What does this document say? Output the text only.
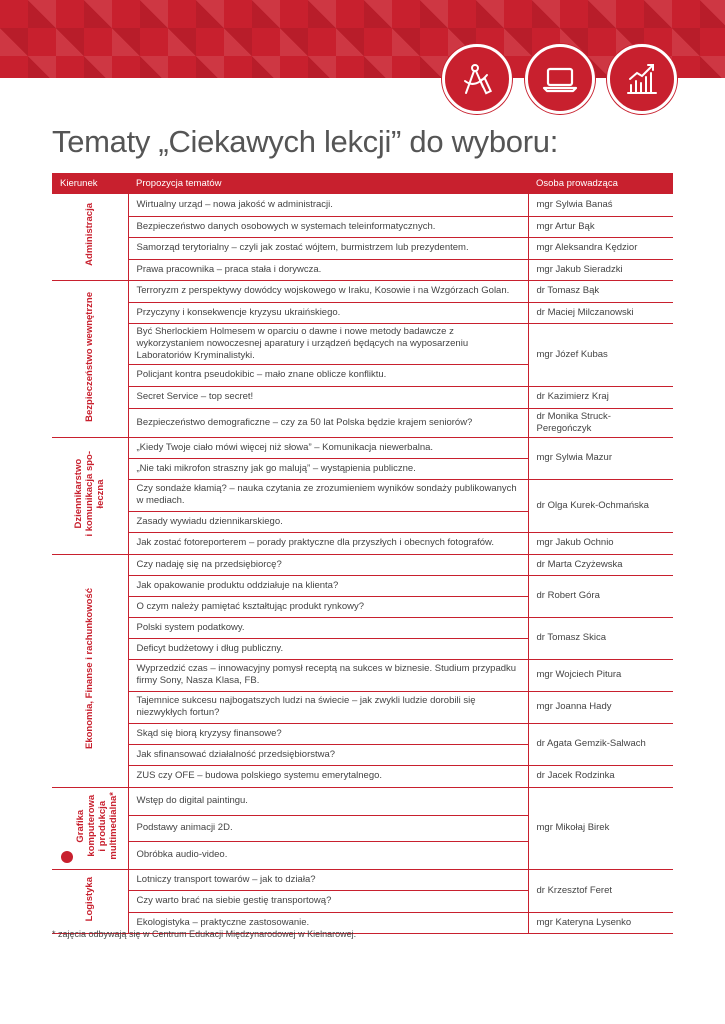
Tematy „Ciekawych lekcji” do wyboru:
Kierunek	Propozycja tematów	Osoba prowadząca
Administracja	Wirtualny urząd – nowa jakość w administracji.	mgr Sylwia Banaś
	Bezpieczeństwo danych osobowych w systemach teleinformatycznych.	mgr Artur Bąk
	Samorząd terytorialny – czyli jak zostać wójtem, burmistrzem lub prezydentem.	mgr Aleksandra Kędzior
	Prawa pracownika – praca stała i dorywcza.	mgr Jakub Sieradzki
Bezpieczeństwo wewnętrzne	Terroryzm z perspektywy dowódcy wojskowego w Iraku, Kosowie i na Wzgórzach Golan.	dr Tomasz Bąk
	Przyczyny i konsekwencje kryzysu ukraińskiego.	dr Maciej Milczanowski
	Być Sherlockiem Holmesem w oparciu o dawne i nowe metody badawcze z wykorzystaniem nowoczesnej aparatury i urządzeń będących na wyposarzeniu Laboratoriów Kryminalistyki.	mgr Józef Kubas
	Policjant kontra pseudokibic – mało znane oblicze konfliktu.	
	Secret Service – top secret!	dr Kazimierz Kraj
	Bezpieczeństwo demograficzne – czy za 50 lat Polska będzie krajem seniorów?	dr Monika Struck- Peregończyk
Dziennikarstwo
i komunikacja spo-
łeczna	„Kiedy Twoje ciało mówi więcej niż słowa” – Komunikacja niewerbalna.	mgr Sylwia Mazur
	„Nie taki mikrofon straszny jak go malują” – wystąpienia publiczne.	
	Czy sondaże kłamią? – nauka czytania ze zrozumieniem wyników sondaży publikowanych w mediach.	dr Olga Kurek-Ochmańska
	Zasady wywiadu dziennikarskiego.	
	Jak zostać fotoreporterem – porady praktyczne dla przyszłych i obecnych fotografów.	mgr Jakub Ochnio
Ekonomia, Finanse i rachunkowość	Czy nadaję się na przedsiębiorcę?	dr Marta Czyżewska
	Jak opakowanie produktu oddziałuje na klienta?	dr Robert Góra
	O czym należy pamiętać kształtując produkt rynkowy?	
	Polski system podatkowy.	dr Tomasz Skica
	Deficyt budżetowy i dług publiczny.	
	Wyprzedzić czas – innowacyjny pomysł receptą na sukces w biznesie. Studium przypadku firmy Sony, Nasza Klasa, FB.	mgr Wojciech Pitura
	Tajemnice sukcesu najbogatszych ludzi na świecie – jak zwykli ludzie dorobili się niezwykłych fortun?	mgr Joanna Hady
	Skąd się biorą kryzysy finansowe?	dr Agata Gemzik-Salwach
	Jak sfinansować działalność przedsiębiorstwa?	
	ZUS czy OFE – budowa polskiego systemu emerytalnego.	dr Jacek Rodzinka
Grafika
komputerowa
i produkcja
multimedialna*	Wstęp do digital paintingu.	mgr Mikołaj Birek
	Podstawy animacji 2D.	
	Obróbka audio-video.	
Logistyka	Lotniczy transport towarów – jak to działa?	dr Krzesztof Feret
	Czy warto brać na siebie gestię transportową?	
	Ekologistyka – praktyczne zastosowanie.	mgr Kateryna Lysenko
* zajęcia odbywają się w Centrum Edukacji Międzynarodowej w Kielnarowej.
